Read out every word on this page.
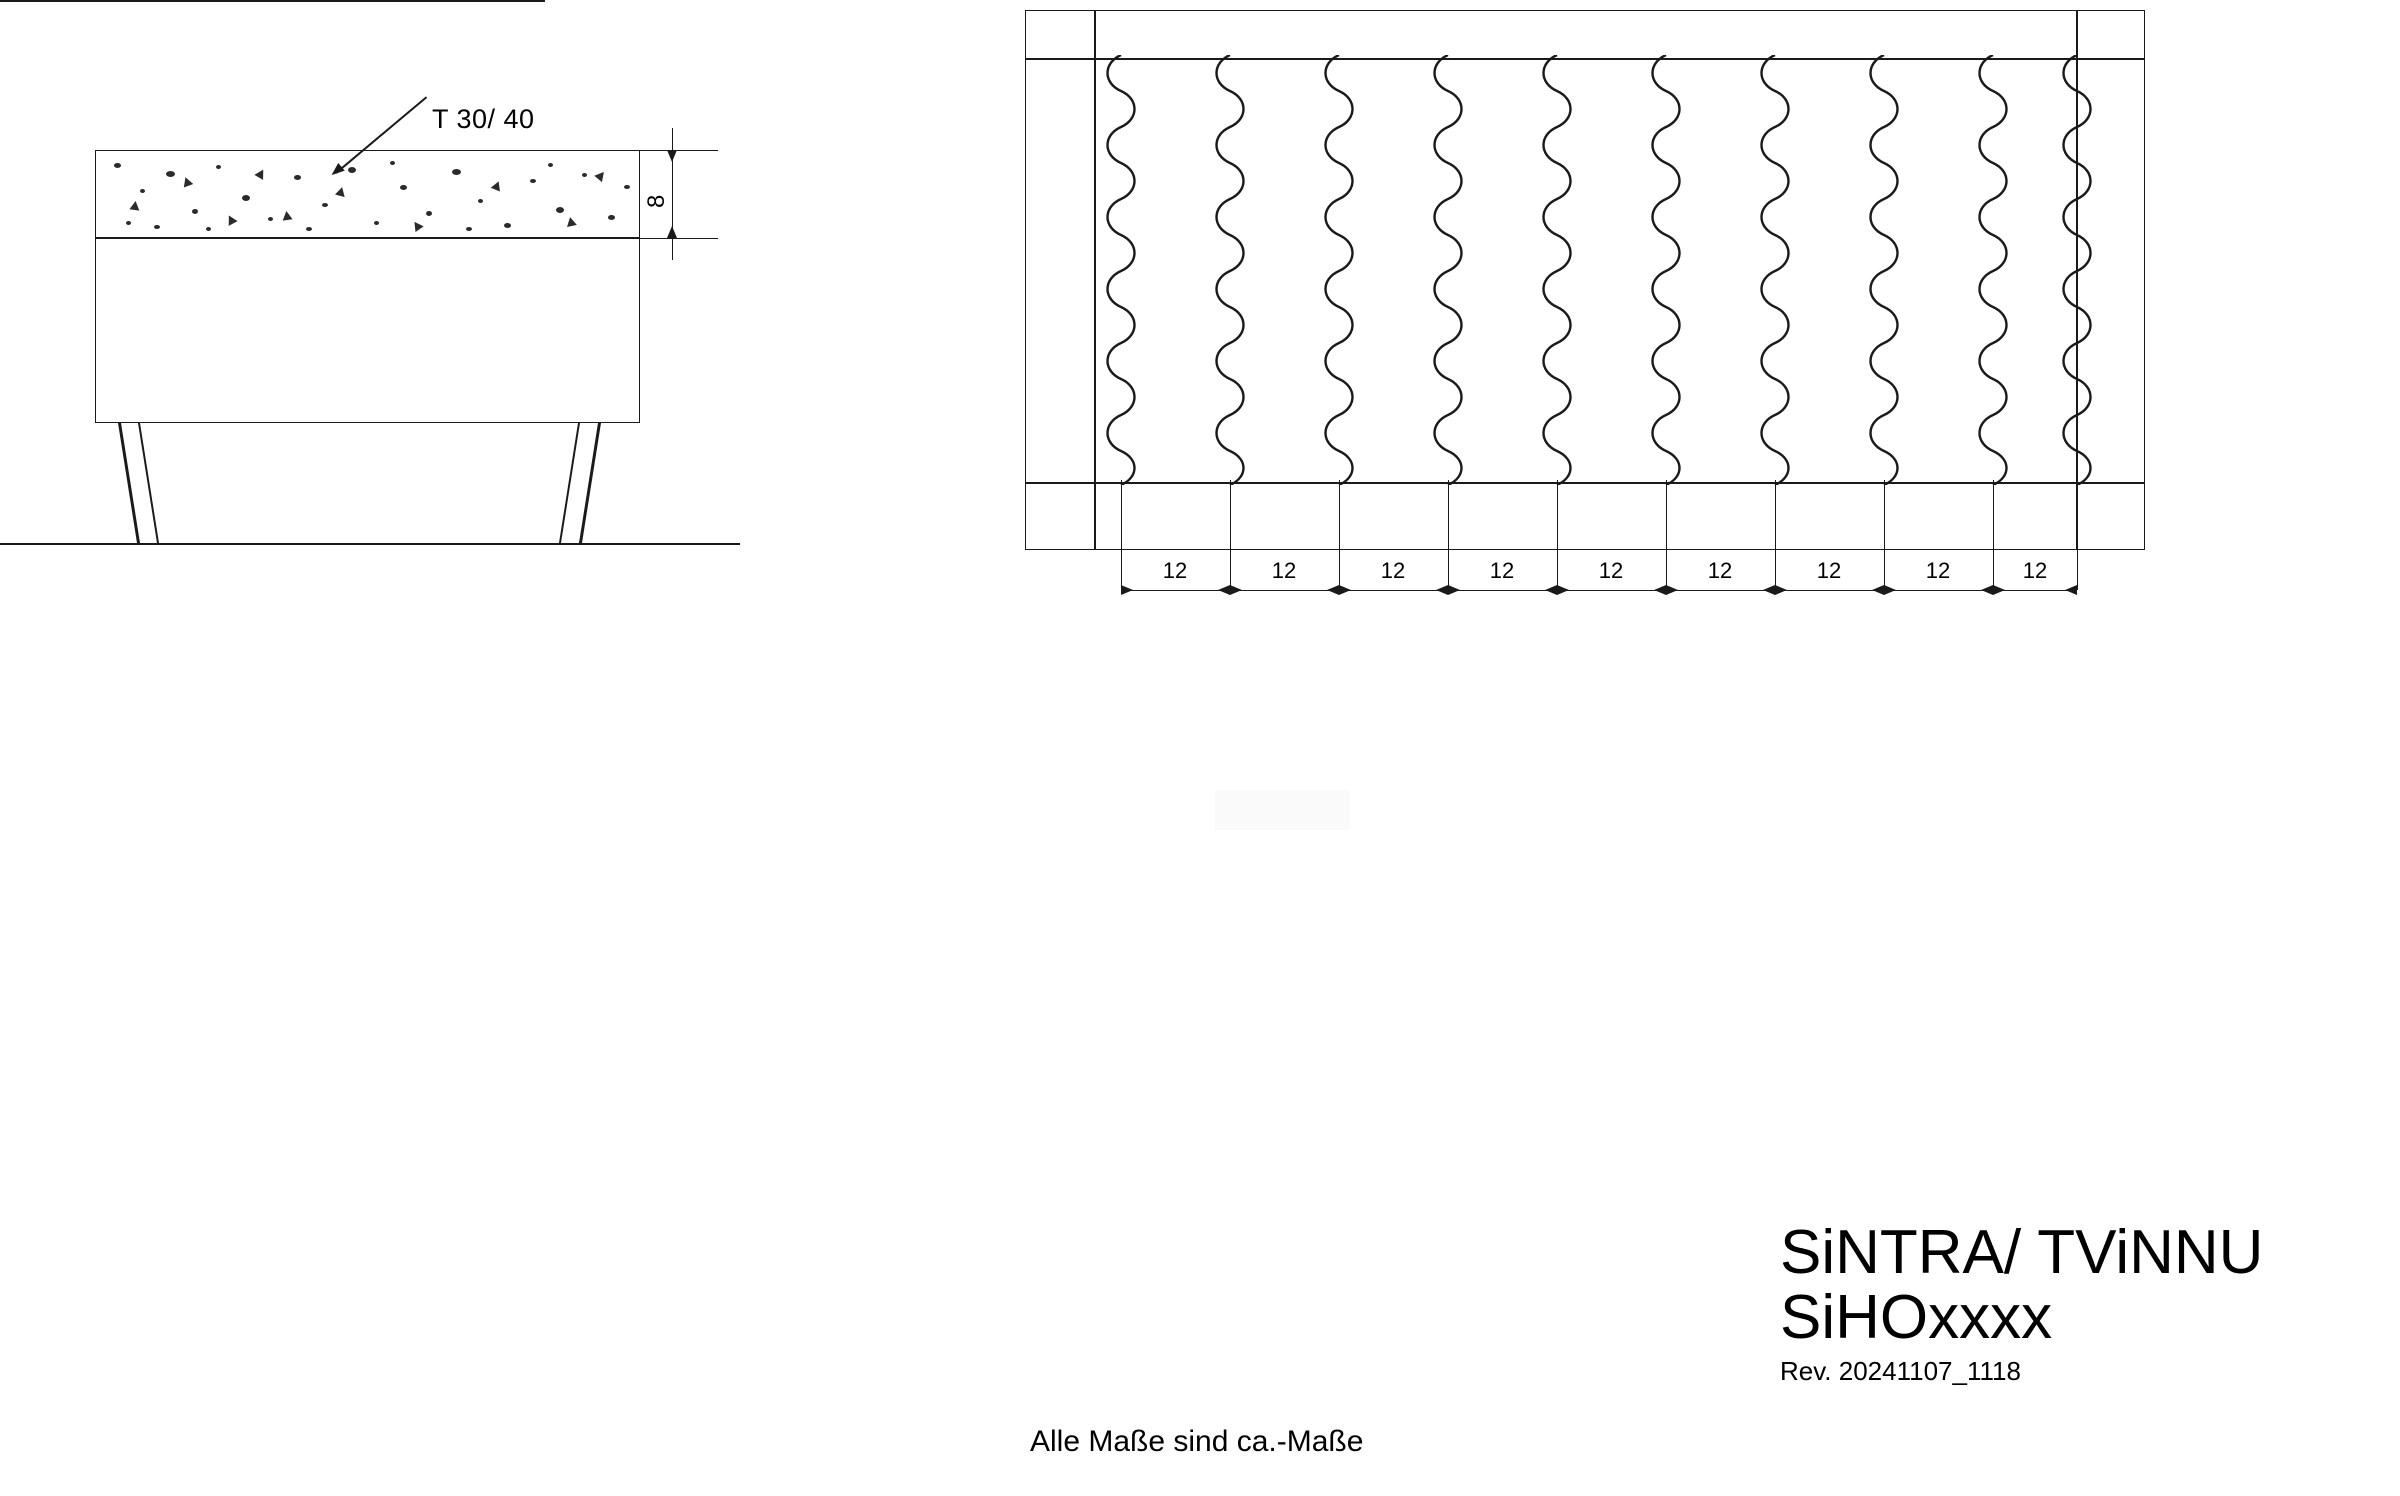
T 30/ 40
8
12	12	12	12	12	12	12	12	12
SiNTRA/ TViNNU
SiHOxxxx
Rev. 20241107_1118
Alle Maße sind ca.-Maße
